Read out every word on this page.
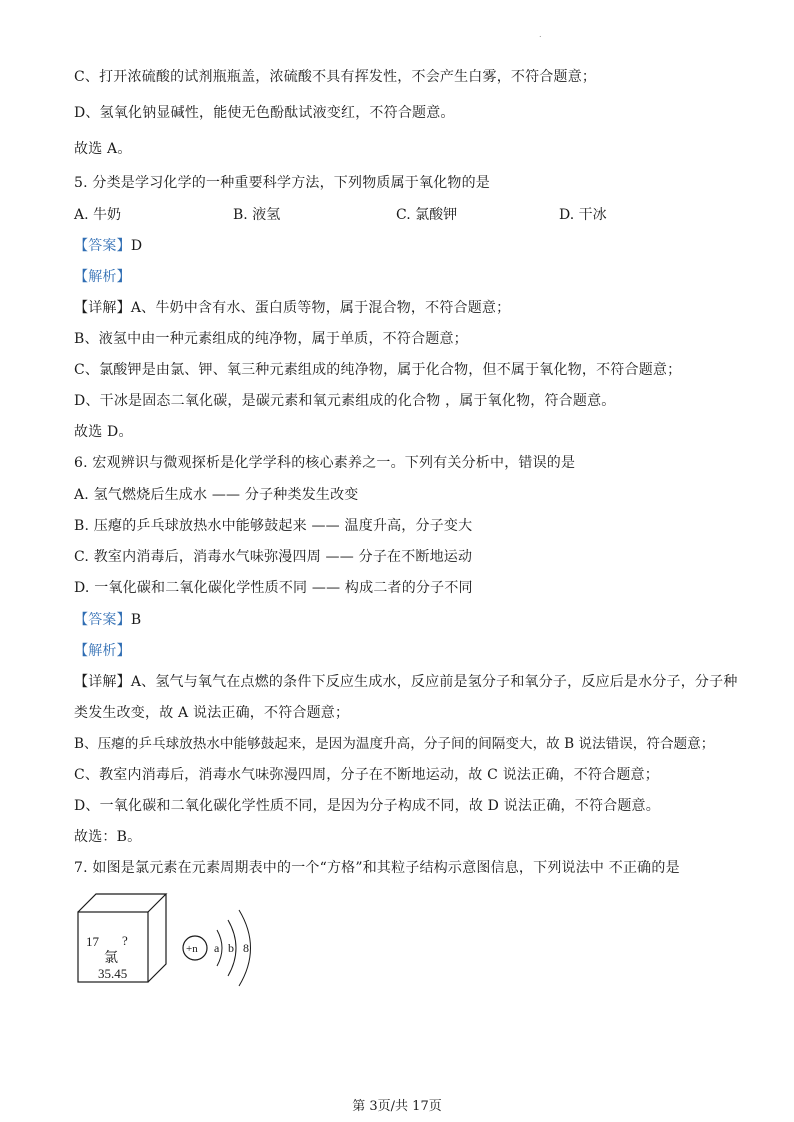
.
C、打开浓硫酸的试剂瓶瓶盖，浓硫酸不具有挥发性，不会产生白雾，不符合题意；
D、氢氧化钠显碱性，能使无色酚酞试液变红，不符合题意。
故选 A。
5. 分类是学习化学的一种重要科学方法，下列物质属于氧化物的是
A. 牛奶	B. 液氢	C. 氯酸钾	D. 干冰
【答案】D
【解析】
【详解】A、牛奶中含有水、蛋白质等物，属于混合物，不符合题意；
B、液氢中由一种元素组成的纯净物，属于单质，不符合题意；
C、氯酸钾是由氯、钾、氧三种元素组成的纯净物，属于化合物，但不属于氧化物，不符合题意；
D、干冰是固态二氧化碳，是碳元素和氧元素组成的化合物 ，属于氧化物，符合题意。
故选 D。
6. 宏观辨识与微观探析是化学学科的核心素养之一。下列有关分析中，错误的是
A. 氢气燃烧后生成水 —— 分子种类发生改变
B. 压瘪的乒乓球放热水中能够鼓起来 —— 温度升高，分子变大
C. 教室内消毒后，消毒水气味弥漫四周 —— 分子在不断地运动
D. 一氧化碳和二氧化碳化学性质不同 —— 构成二者的分子不同
【答案】B
【解析】
【详解】A、氢气与氧气在点燃的条件下反应生成水，反应前是氢分子和氧分子，反应后是水分子，分子种
类发生改变，故 A 说法正确，不符合题意；
B、压瘪的乒乓球放热水中能够鼓起来，是因为温度升高，分子间的间隔变大，故 B 说法错误，符合题意；
C、教室内消毒后，消毒水气味弥漫四周，分子在不断地运动，故 C 说法正确，不符合题意；
D、一氧化碳和二氧化碳化学性质不同，是因为分子构成不同，故 D 说法正确，不符合题意。
故选：B。
7. 如图是氯元素在元素周期表中的一个“方格”和其粒子结构示意图信息，下列说法中 不正确的是
17 ?
氯
35.45
+n a b 8
第 3页/共 17页
